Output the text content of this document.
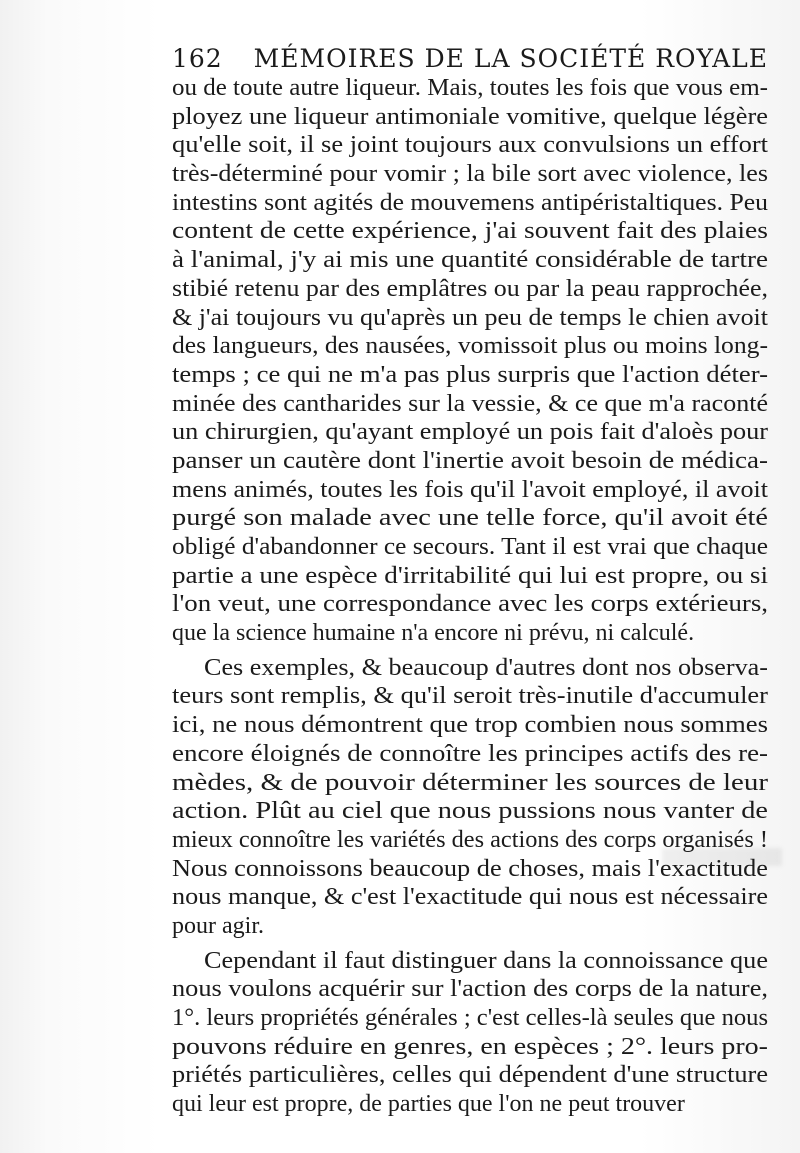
162 MÉMOIRES DE LA SOCIÉTÉ ROYALE
ou de toute autre liqueur. Mais, toutes les fois que vous em-
ployez une liqueur antimoniale vomitive, quelque légère
qu'elle soit, il se joint toujours aux convulsions un effort
très-déterminé pour vomir ; la bile sort avec violence, les
intestins sont agités de mouvemens antipéristaltiques. Peu
content de cette expérience, j'ai souvent fait des plaies
à l'animal, j'y ai mis une quantité considérable de tartre
stibié retenu par des emplâtres ou par la peau rapprochée,
& j'ai toujours vu qu'après un peu de temps le chien avoit
des langueurs, des nausées, vomissoit plus ou moins long-
temps ; ce qui ne m'a pas plus surpris que l'action déter-
minée des cantharides sur la vessie, & ce que m'a raconté
un chirurgien, qu'ayant employé un pois fait d'aloès pour
panser un cautère dont l'inertie avoit besoin de médica-
mens animés, toutes les fois qu'il l'avoit employé, il avoit
purgé son malade avec une telle force, qu'il avoit été
obligé d'abandonner ce secours. Tant il est vrai que chaque
partie a une espèce d'irritabilité qui lui est propre, ou si
l'on veut, une correspondance avec les corps extérieurs,
que la science humaine n'a encore ni prévu, ni calculé.
Ces exemples, & beaucoup d'autres dont nos observa-
teurs sont remplis, & qu'il seroit très-inutile d'accumuler
ici, ne nous démontrent que trop combien nous sommes
encore éloignés de connoître les principes actifs des re-
mèdes, & de pouvoir déterminer les sources de leur
action. Plût au ciel que nous pussions nous vanter de
mieux connoître les variétés des actions des corps organisés !
Nous connoissons beaucoup de choses, mais l'exactitude
nous manque, & c'est l'exactitude qui nous est nécessaire
pour agir.
Cependant il faut distinguer dans la connoissance que
nous voulons acquérir sur l'action des corps de la nature,
1°. leurs propriétés générales ; c'est celles-là seules que nous
pouvons réduire en genres, en espèces ; 2°. leurs pro-
priétés particulières, celles qui dépendent d'une structure
qui leur est propre, de parties que l'on ne peut trouver
